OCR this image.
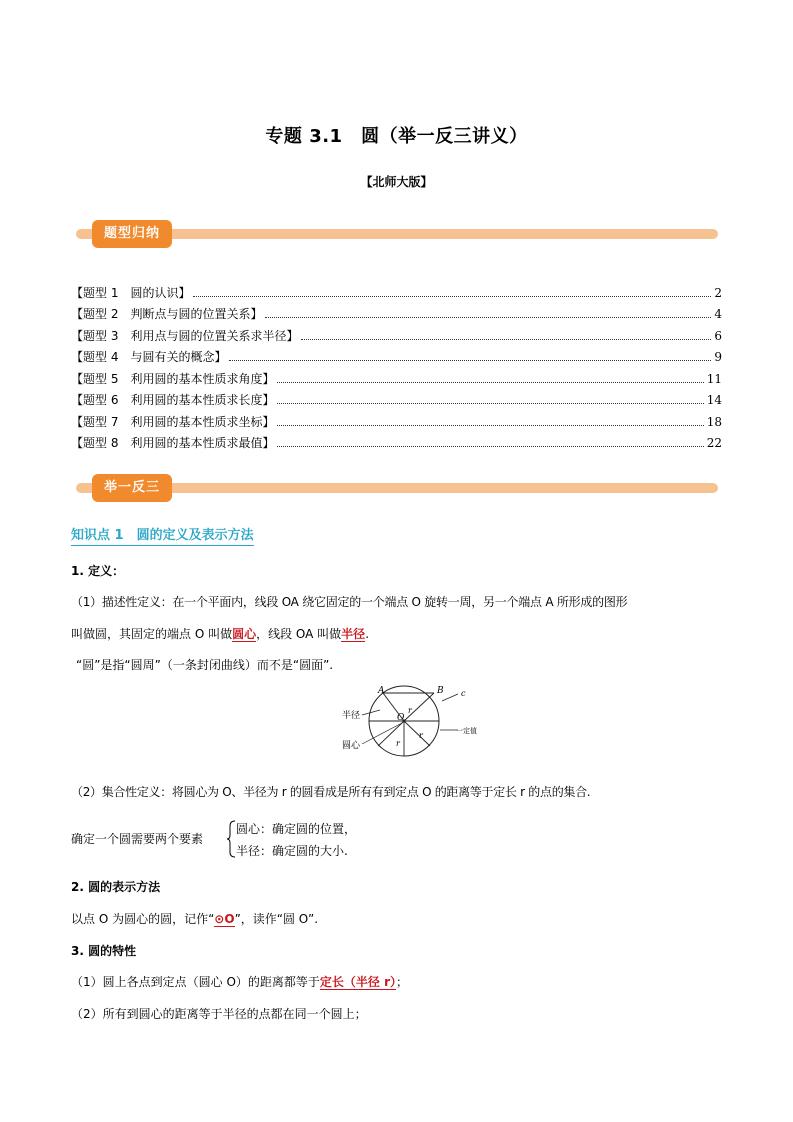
专题 3.1　圆（举一反三讲义）
【北师大版】
题型归纳
【题型 1　圆的认识】	2
【题型 2　判断点与圆的位置关系】	4
【题型 3　利用点与圆的位置关系求半径】	6
【题型 4　与圆有关的概念】	9
【题型 5　利用圆的基本性质求角度】	11
【题型 6　利用圆的基本性质求长度】	14
【题型 7　利用圆的基本性质求坐标】	18
【题型 8　利用圆的基本性质求最值】	22
举一反三
知识点 1　圆的定义及表示方法
1. 定义：
（1）描述性定义：在一个平面内，线段 OA 绕它固定的一个端点 O 旋转一周，另一个端点 A 所形成的图形
叫做圆，其固定的端点 O 叫做圆心，线段 OA 叫做半径.
“圆”是指“圆周”（一条封闭曲线）而不是“圆面”.
A	B
O
r
r
r
c
半径
圆心
一定值
（2）集合性定义：将圆心为 O、半径为 r 的圆看成是所有有到定点 O 的距离等于定长 r 的点的集合.
确定一个圆需要两个要素
圆心：确定圆的位置，
半径：确定圆的大小.
2. 圆的表示方法
以点 O 为圆心的圆，记作“⊙O”，读作“圆 O”.
3. 圆的特性
（1）圆上各点到定点（圆心 O）的距离都等于定长（半径 r）；
（2）所有到圆心的距离等于半径的点都在同一个圆上；
